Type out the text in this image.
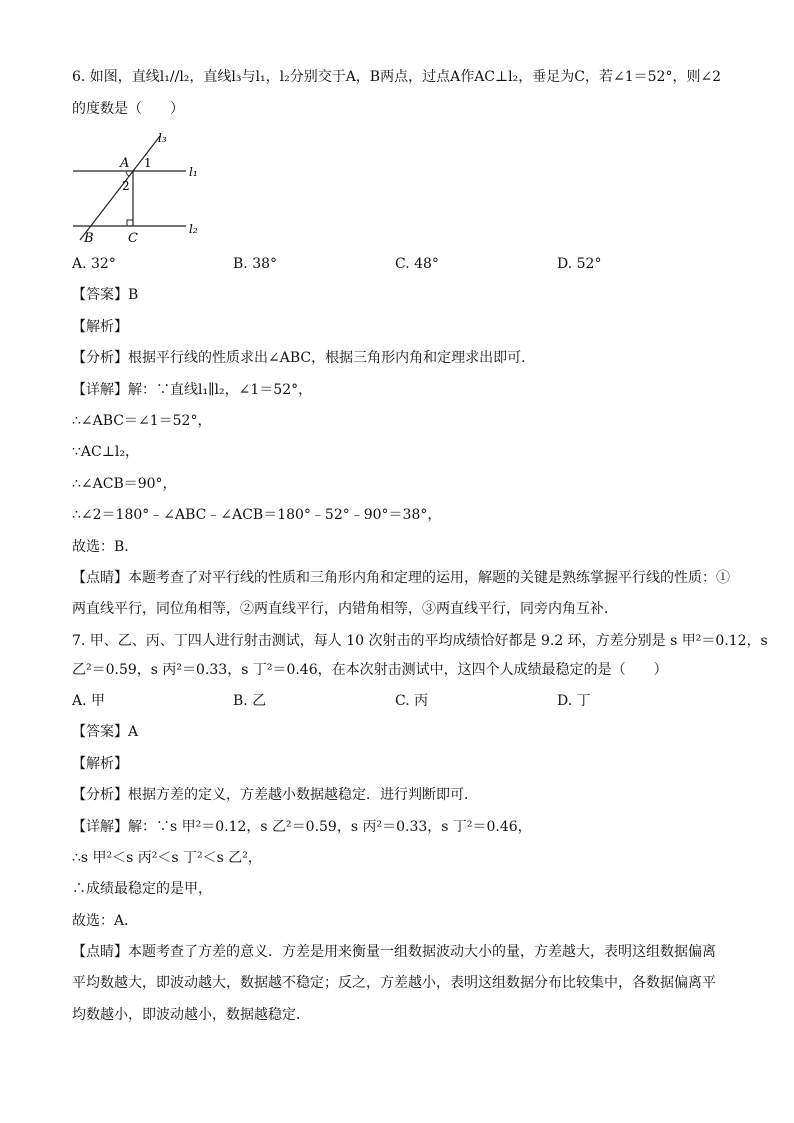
6. 如图，直线l₁//l₂，直线l₃与l₁，l₂分别交于A，B两点，过点A作AC⊥l₂，垂足为C，若∠1＝52°，则∠2
的度数是（　　）
l₃
l₁
l₂
A
B	C
1
2
A. 32°	B. 38°	C. 48°	D. 52°
【答案】B
【解析】
【分析】根据平行线的性质求出∠ABC，根据三角形内角和定理求出即可．
【详解】解：∵直线l₁∥l₂，∠1＝52°，
∴∠ABC＝∠1＝52°，
∵AC⊥l₂，
∴∠ACB＝90°，
∴∠2＝180°﹣∠ABC﹣∠ACB＝180°﹣52°﹣90°＝38°，
故选：B．
【点睛】本题考查了对平行线的性质和三角形内角和定理的运用，解题的关键是熟练掌握平行线的性质：①
两直线平行，同位角相等，②两直线平行，内错角相等，③两直线平行，同旁内角互补．
7. 甲、乙、丙、丁四人进行射击测试，每人 10 次射击的平均成绩恰好都是 9.2 环，方差分别是 s 甲²＝0.12，s
乙²＝0.59，s 丙²＝0.33，s 丁²＝0.46，在本次射击测试中，这四个人成绩最稳定的是（　　）
A. 甲	B. 乙	C. 丙	D. 丁
【答案】A
【解析】
【分析】根据方差的定义，方差越小数据越稳定．进行判断即可．
【详解】解：∵s 甲²＝0.12，s 乙²＝0.59，s 丙²＝0.33，s 丁²＝0.46，
∴s 甲²＜s 丙²＜s 丁²＜s 乙²，
∴成绩最稳定的是甲，
故选：A．
【点睛】本题考查了方差的意义．方差是用来衡量一组数据波动大小的量，方差越大，表明这组数据偏离
平均数越大，即波动越大，数据越不稳定；反之，方差越小，表明这组数据分布比较集中，各数据偏离平
均数越小，即波动越小，数据越稳定．
